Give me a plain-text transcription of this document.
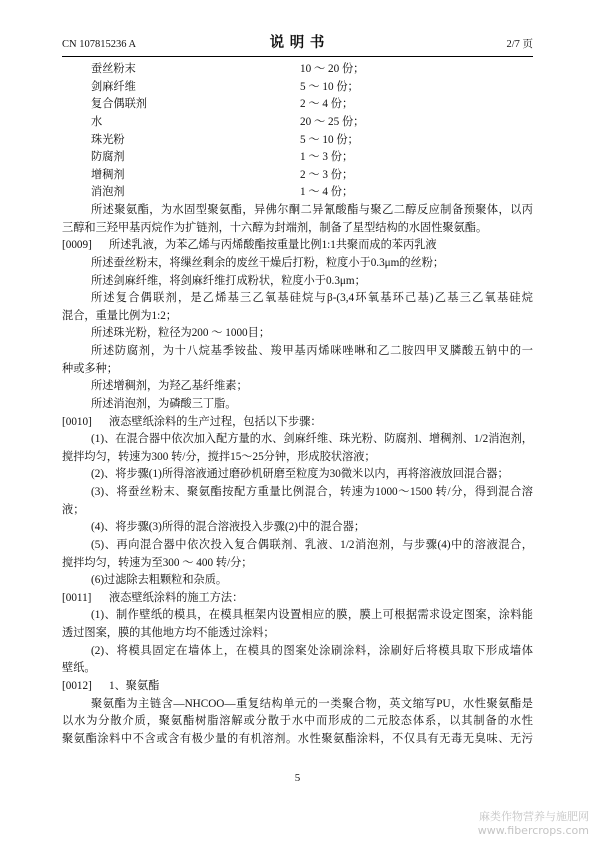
CN 107815236 A	说 明 书	2/7 页
蚕丝粉末	10 ～ 20 份；
剑麻纤维	5 ～ 10 份；
复合偶联剂	2 ～ 4 份；
水	20 ～ 25 份；
珠光粉	5 ～ 10 份；
防腐剂	1 ～ 3 份；
增稠剂	2 ～ 3 份；
消泡剂	1 ～ 4 份；
所述聚氨酯，为水固型聚氨酯，异佛尔酮二异氰酸酯与聚乙二醇反应制备预聚体，以丙
三醇和三羟甲基丙烷作为扩链剂，十六醇为封端剂，制备了星型结构的水固性聚氨酯。
[0009] 所述乳液，为苯乙烯与丙烯酸酯按重量比例1:1共聚而成的苯丙乳液
所述蚕丝粉末，将缫丝剩余的废丝干燥后打粉，粒度小于0.3μm的丝粉；
所述剑麻纤维，将剑麻纤维打成粉状，粒度小于0.3μm；
所述复合偶联剂，是乙烯基三乙氧基硅烷与β-(3,4环氧基环己基)乙基三乙氧基硅烷
混合，重量比例为1:2；
所述珠光粉，粒径为200 ～ 1000目；
所述防腐剂，为十八烷基季铵盐、羧甲基丙烯咪唑啉和乙二胺四甲叉膦酸五钠中的一
种或多种；
所述增稠剂，为羟乙基纤维素；
所述消泡剂，为磷酸三丁脂。
[0010] 液态壁纸涂料的生产过程，包括以下步骤：
(1)、在混合器中依次加入配方量的水、剑麻纤维、珠光粉、防腐剂、增稠剂、1/2消泡剂，
搅拌均匀，转速为300 转/分，搅拌15～25分钟，形成胶状溶液；
(2)、将步骤(1)所得溶液通过磨砂机研磨至粒度为30微米以内，再将溶液放回混合器；
(3)、将蚕丝粉末、聚氨酯按配方重量比例混合，转速为1000～1500 转/分，得到混合溶
液；
(4)、将步骤(3)所得的混合溶液投入步骤(2)中的混合器；
(5)、再向混合器中依次投入复合偶联剂、乳液、1/2消泡剂，与步骤(4)中的溶液混合，
搅拌均匀，转速为至300 ～ 400 转/分；
(6)过滤除去粗颗粒和杂质。
[0011] 液态壁纸涂料的施工方法：
(1)、制作壁纸的模具，在模具框架内设置相应的膜，膜上可根据需求设定图案，涂料能
透过图案，膜的其他地方均不能透过涂料；
(2)、将模具固定在墙体上，在模具的图案处涂刷涂料，涂刷好后将模具取下形成墙体
壁纸。
[0012] 1、聚氨酯
聚氨酯为主链含—NHCOO—重复结构单元的一类聚合物，英文缩写PU，水性聚氨酯是
以水为分散介质，聚氨酯树脂溶解或分散于水中而形成的二元胶态体系，以其制备的水性
聚氨酯涂料中不含或含有极少量的有机溶剂。水性聚氨酯涂料，不仅具有无毒无臭味、无污
5
麻类作物营养与施肥网
www.fibercrops.com
